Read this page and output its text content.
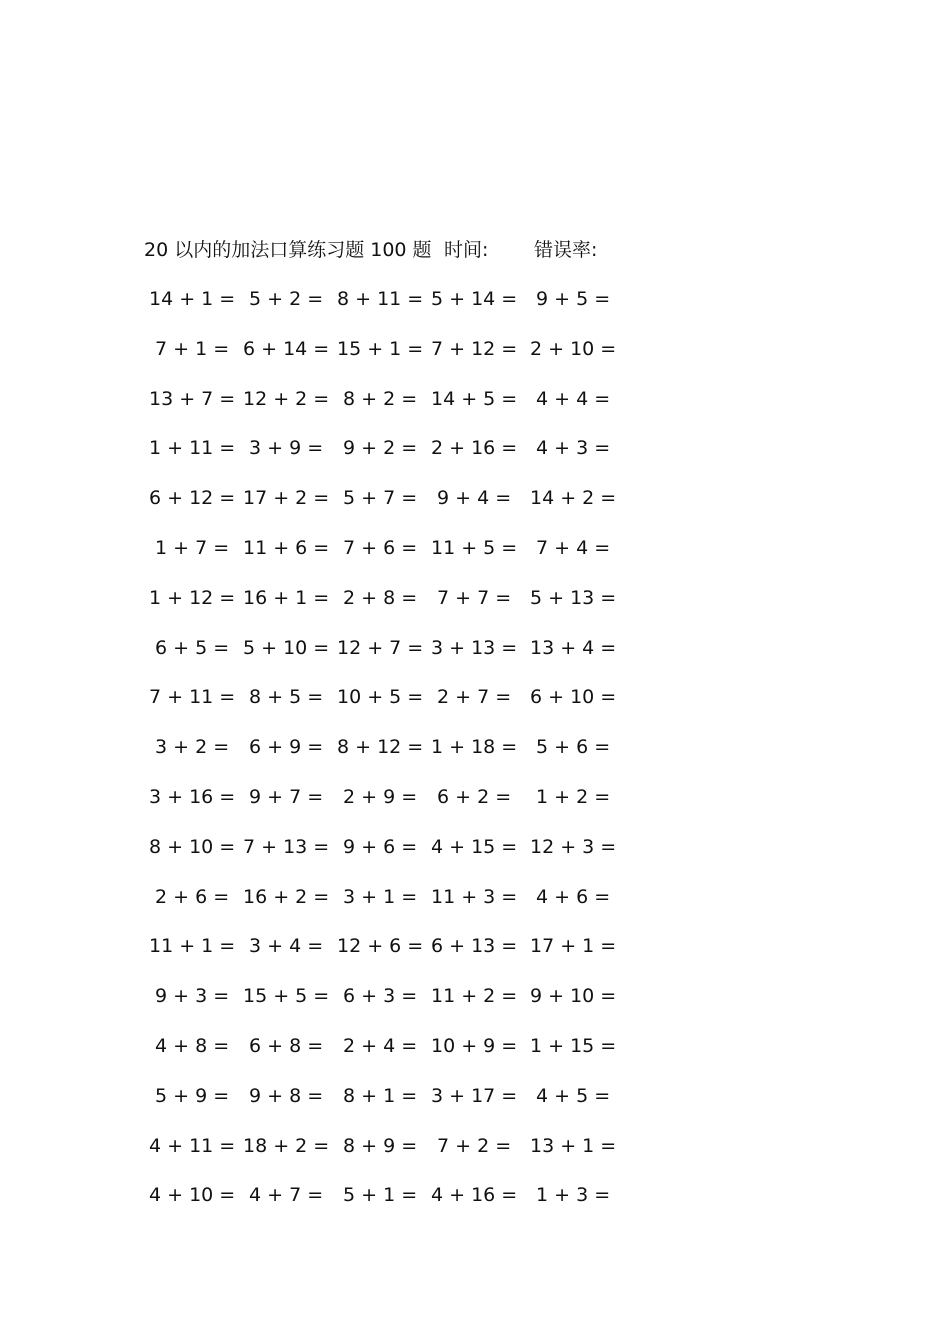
20 以内的加法口算练习题 100 题 时间: 错误率:
14 + 1 = 5 + 2 = 8 + 11 = 5 + 14 = 9 + 5 =
7 + 1 = 6 + 14 = 15 + 1 = 7 + 12 = 2 + 10 =
13 + 7 = 12 + 2 = 8 + 2 = 14 + 5 = 4 + 4 =
1 + 11 = 3 + 9 = 9 + 2 = 2 + 16 = 4 + 3 =
6 + 12 = 17 + 2 = 5 + 7 = 9 + 4 = 14 + 2 =
1 + 7 = 11 + 6 = 7 + 6 = 11 + 5 = 7 + 4 =
1 + 12 = 16 + 1 = 2 + 8 = 7 + 7 = 5 + 13 =
6 + 5 = 5 + 10 = 12 + 7 = 3 + 13 = 13 + 4 =
7 + 11 = 8 + 5 = 10 + 5 = 2 + 7 = 6 + 10 =
3 + 2 = 6 + 9 = 8 + 12 = 1 + 18 = 5 + 6 =
3 + 16 = 9 + 7 = 2 + 9 = 6 + 2 = 1 + 2 =
8 + 10 = 7 + 13 = 9 + 6 = 4 + 15 = 12 + 3 =
2 + 6 = 16 + 2 = 3 + 1 = 11 + 3 = 4 + 6 =
11 + 1 = 3 + 4 = 12 + 6 = 6 + 13 = 17 + 1 =
9 + 3 = 15 + 5 = 6 + 3 = 11 + 2 = 9 + 10 =
4 + 8 = 6 + 8 = 2 + 4 = 10 + 9 = 1 + 15 =
5 + 9 = 9 + 8 = 8 + 1 = 3 + 17 = 4 + 5 =
4 + 11 = 18 + 2 = 8 + 9 = 7 + 2 = 13 + 1 =
4 + 10 = 4 + 7 = 5 + 1 = 4 + 16 = 1 + 3 =
